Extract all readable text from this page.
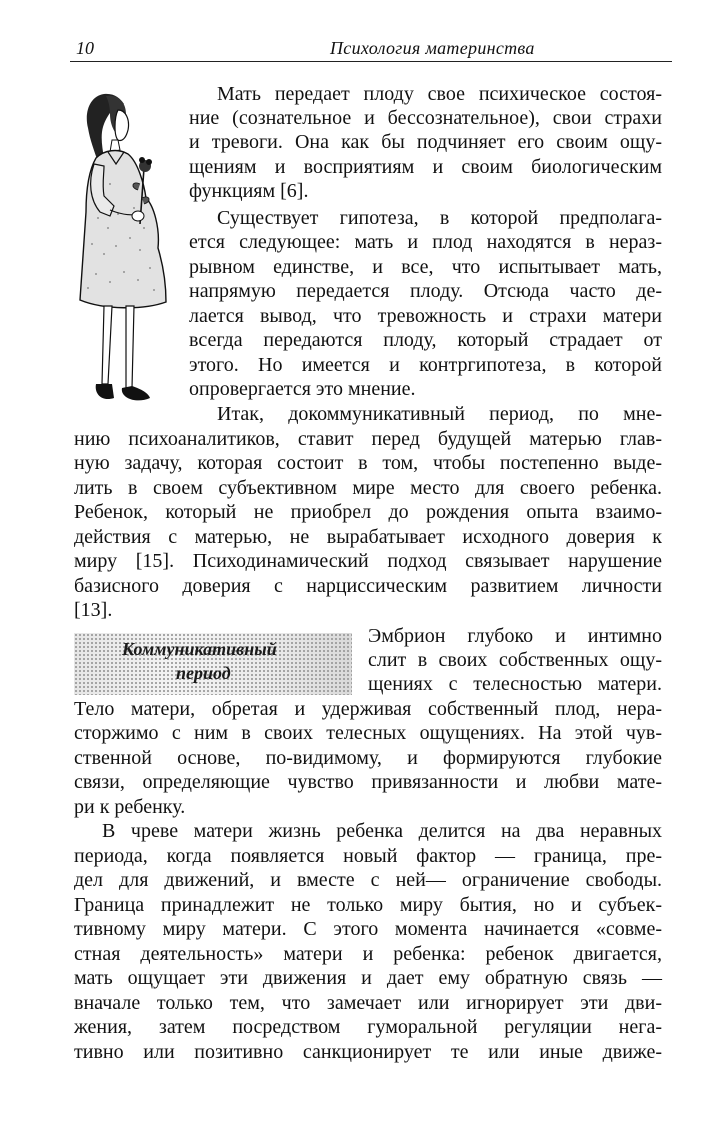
10	Психология материнства
Мать передает плоду свое психическое состоя-
ние (сознательное и бессознательное), свои страхи
и тревоги. Она как бы подчиняет его своим ощу-
щениям и восприятиям и своим биологическим
функциям [6].
Существует гипотеза, в которой предполага-
ется следующее: мать и плод находятся в нераз-
рывном единстве, и все, что испытывает мать,
напрямую передается плоду. Отсюда часто де-
лается вывод, что тревожность и страхи матери
всегда передаются плоду, который страдает от
этого. Но имеется и контргипотеза, в которой
опровергается это мнение.
Итак, докоммуникативный период, по мне-
нию психоаналитиков, ставит перед будущей матерью глав-
ную задачу, которая состоит в том, чтобы постепенно выде-
лить в своем субъективном мире место для своего ребенка.
Ребенок, который не приобрел до рождения опыта взаимо-
действия с матерью, не вырабатывает исходного доверия к
миру [15]. Психодинамический подход связывает нарушение
базисного доверия с нарциссическим развитием личности
[13].
Коммуникативный
период
Эмбрион глубоко и интимно
слит в своих собственных ощу-
щениях с телесностью матери.
Тело матери, обретая и удерживая собственный плод, нера-
сторжимо с ним в своих телесных ощущениях. На этой чув-
ственной основе, по-видимому, и формируются глубокие
связи, определяющие чувство привязанности и любви мате-
ри к ребенку.
В чреве матери жизнь ребенка делится на два неравных
периода, когда появляется новый фактор — граница, пре-
дел для движений, и вместе с ней— ограничение свободы.
Граница принадлежит не только миру бытия, но и субъек-
тивному миру матери. С этого момента начинается «совме-
стная деятельность» матери и ребенка: ребенок двигается,
мать ощущает эти движения и дает ему обратную связь —
вначале только тем, что замечает или игнорирует эти дви-
жения, затем посредством гуморальной регуляции нега-
тивно или позитивно санкционирует те или иные движе-
